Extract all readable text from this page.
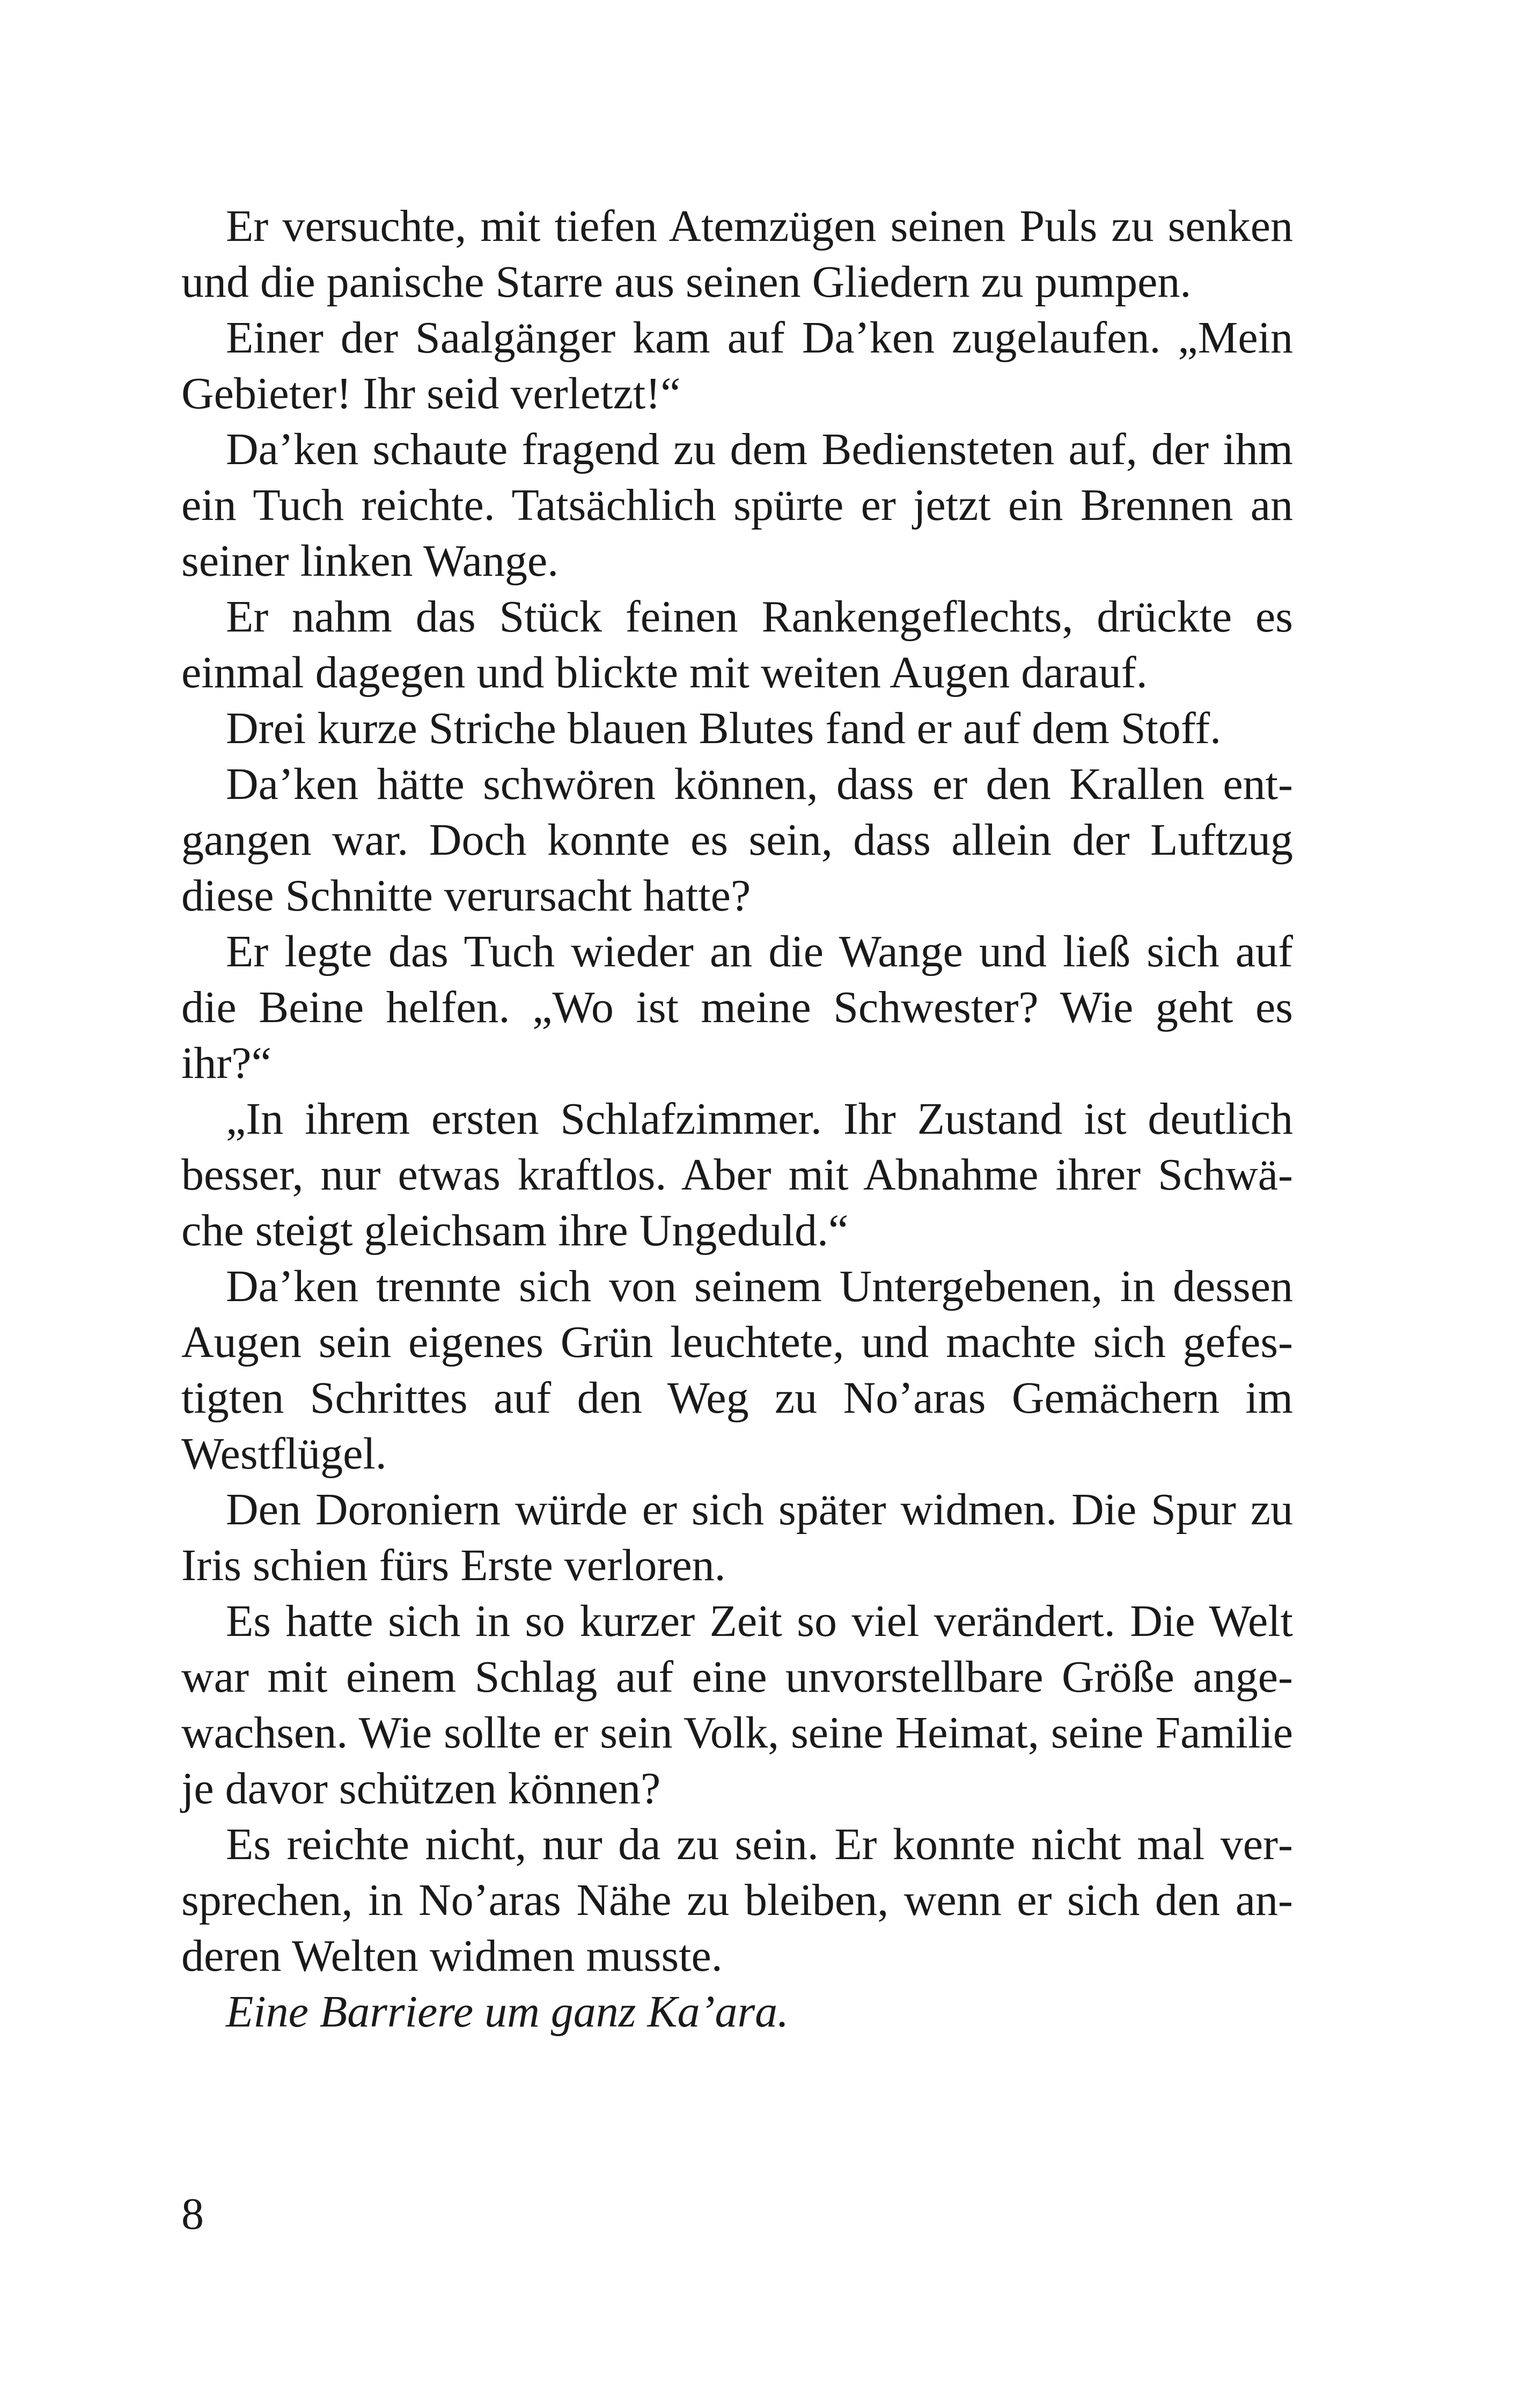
Er versuchte, mit tiefen Atemzügen seinen Puls zu senken und die panische Starre aus seinen Gliedern zu pumpen.

Einer der Saalgänger kam auf Da’ken zugelaufen. „Mein Gebieter! Ihr seid verletzt!“

Da’ken schaute fragend zu dem Bediensteten auf, der ihm ein Tuch reichte. Tatsächlich spürte er jetzt ein Brennen an seiner linken Wange.

Er nahm das Stück feinen Rankengeflechts, drückte es einmal dagegen und blickte mit weiten Augen darauf.

Drei kurze Striche blauen Blutes fand er auf dem Stoff.

Da’ken hätte schwören können, dass er den Krallen entgangen war. Doch konnte es sein, dass allein der Luftzug diese Schnitte verursacht hatte?

Er legte das Tuch wieder an die Wange und ließ sich auf die Beine helfen. „Wo ist meine Schwester? Wie geht es ihr?“

„In ihrem ersten Schlafzimmer. Ihr Zustand ist deutlich besser, nur etwas kraftlos. Aber mit Abnahme ihrer Schwäche steigt gleichsam ihre Ungeduld.“

Da’ken trennte sich von seinem Untergebenen, in dessen Augen sein eigenes Grün leuchtete, und machte sich gefestigten Schrittes auf den Weg zu No’aras Gemächern im Westflügel.

Den Doroniern würde er sich später widmen. Die Spur zu Iris schien fürs Erste verloren.

Es hatte sich in so kurzer Zeit so viel verändert. Die Welt war mit einem Schlag auf eine unvorstellbare Größe angewachsen. Wie sollte er sein Volk, seine Heimat, seine Familie je davor schützen können?

Es reichte nicht, nur da zu sein. Er konnte nicht mal versprechen, in No’aras Nähe zu bleiben, wenn er sich den anderen Welten widmen musste.

Eine Barriere um ganz Ka’ara.

8
